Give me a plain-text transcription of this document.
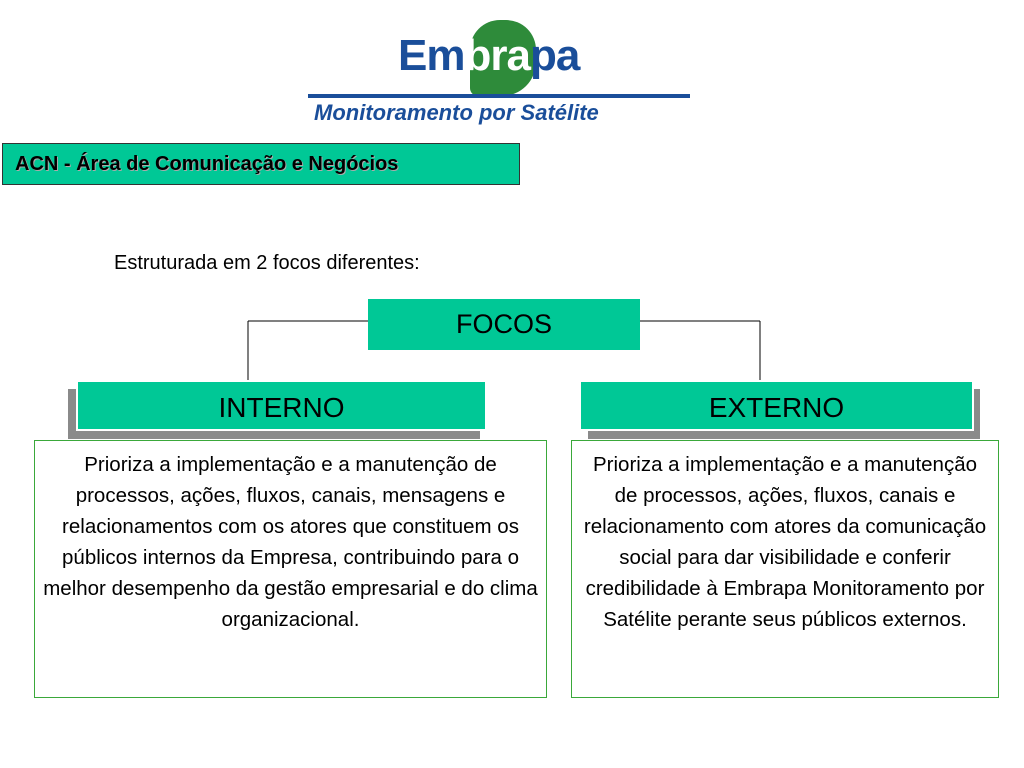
Embrapa
Monitoramento por Satélite
ACN - Área de Comunicação e Negócios
Estruturada em 2 focos diferentes:
FOCOS
INTERNO	EXTERNO
Prioriza a implementação e a manutenção de processos, ações, fluxos, canais, mensagens e relacionamentos com os atores que constituem os públicos internos da Empresa, contribuindo para o melhor desempenho da gestão empresarial e do clima organizacional.
Prioriza a implementação e a manutenção de processos, ações, fluxos, canais e relacionamento com atores da comunicação social para dar visibilidade e conferir credibilidade à Embrapa Monitoramento por Satélite perante seus públicos externos.
